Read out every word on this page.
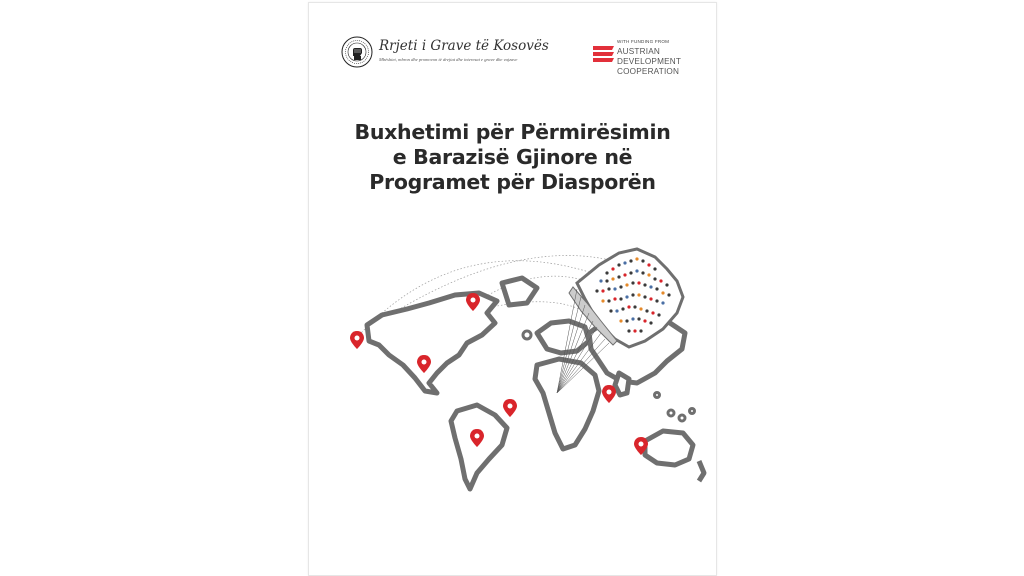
Rrjeti i Grave të Kosovës
Mbështet, mbron dhe promovon të drejtat dhe interesat e grave dhe vajzave
WITH FUNDING FROM
AUSTRIAN
DEVELOPMENT
COOPERATION
Buxhetimi për Përmirësimin
e Barazisë Gjinore në
Programet për Diasporën
